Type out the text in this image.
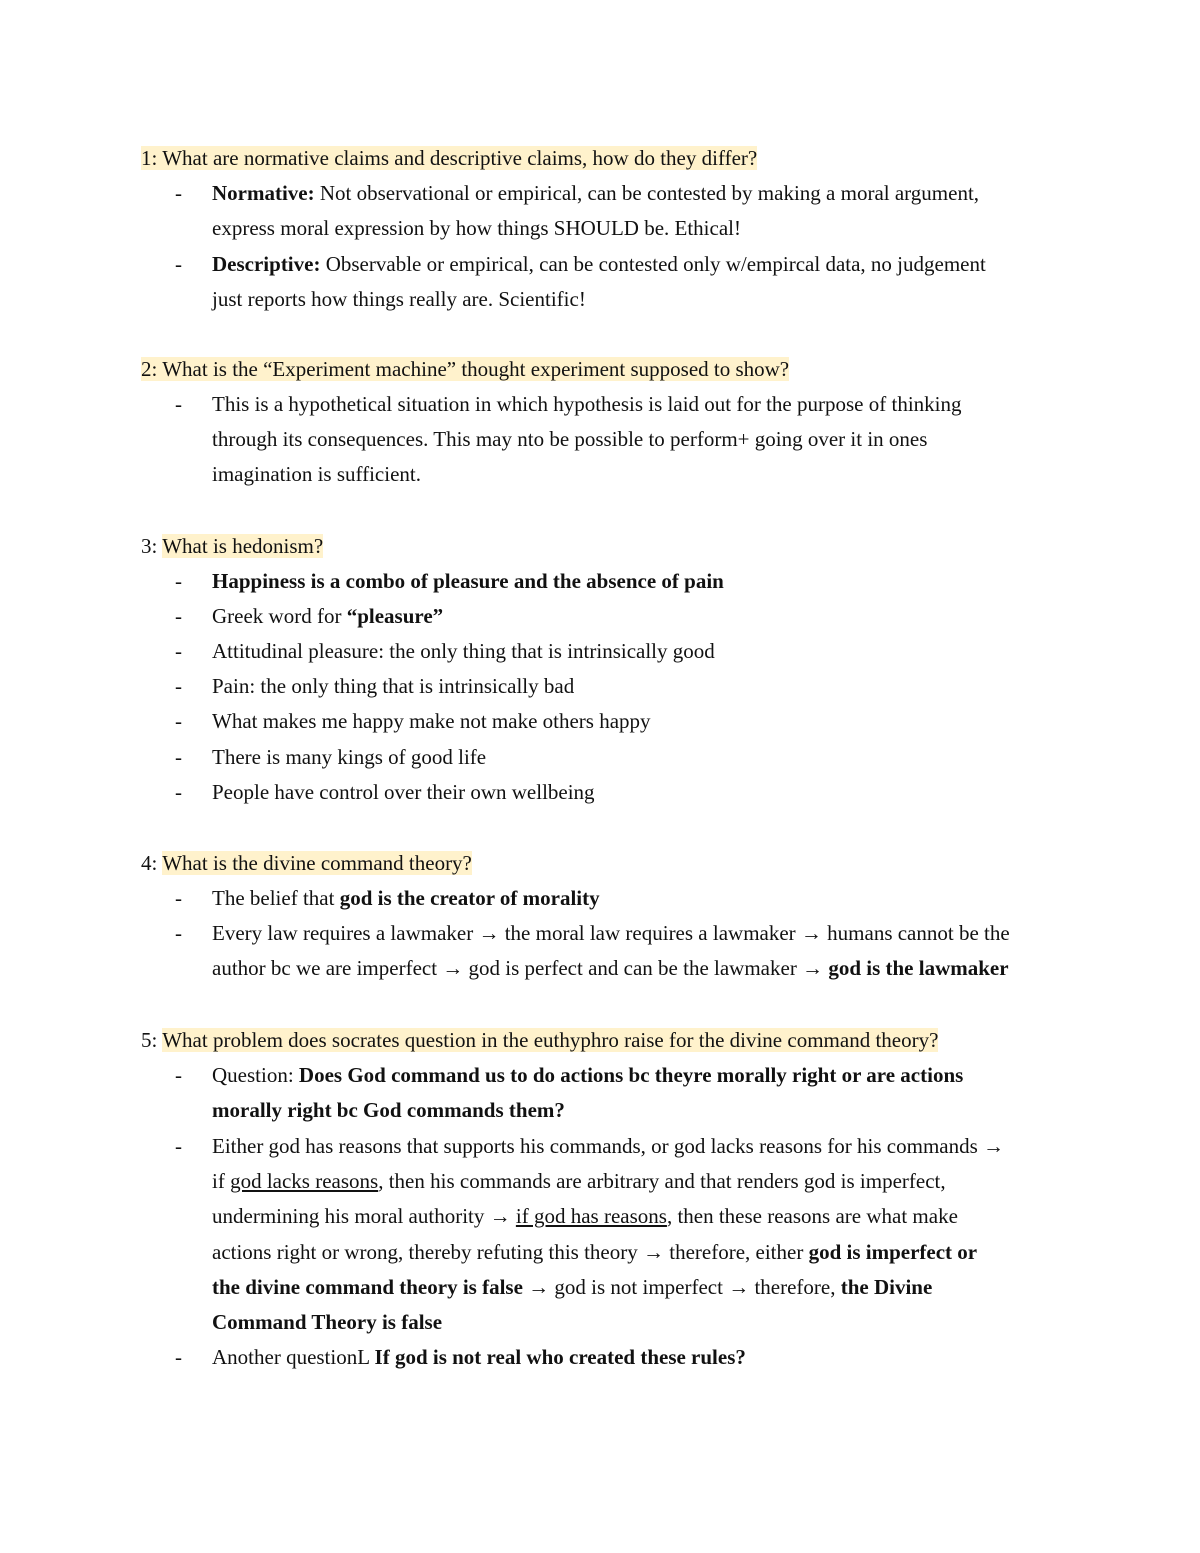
1: What are normative claims and descriptive claims, how do they differ?
- Normative: Not observational or empirical, can be contested by making a moral argument,
express moral expression by how things SHOULD be. Ethical!
- Descriptive: Observable or empirical, can be contested only w/empircal data, no judgement
just reports how things really are. Scientific!
2: What is the “Experiment machine” thought experiment supposed to show?
- This is a hypothetical situation in which hypothesis is laid out for the purpose of thinking
through its consequences. This may nto be possible to perform+ going over it in ones
imagination is sufficient.
3: What is hedonism?
- Happiness is a combo of pleasure and the absence of pain
- Greek word for “pleasure”
- Attitudinal pleasure: the only thing that is intrinsically good
- Pain: the only thing that is intrinsically bad
- What makes me happy make not make others happy
- There is many kings of good life
- People have control over their own wellbeing
4: What is the divine command theory?
- The belief that god is the creator of morality
- Every law requires a lawmaker → the moral law requires a lawmaker → humans cannot be the
author bc we are imperfect → god is perfect and can be the lawmaker → god is the lawmaker
5: What problem does socrates question in the euthyphro raise for the divine command theory?
- Question: Does God command us to do actions bc theyre morally right or are actions
morally right bc God commands them?
- Either god has reasons that supports his commands, or god lacks reasons for his commands →
if god lacks reasons, then his commands are arbitrary and that renders god is imperfect,
undermining his moral authority → if god has reasons, then these reasons are what make
actions right or wrong, thereby refuting this theory → therefore, either god is imperfect or
the divine command theory is false → god is not imperfect → therefore, the Divine
Command Theory is false
- Another questionL If god is not real who created these rules?
